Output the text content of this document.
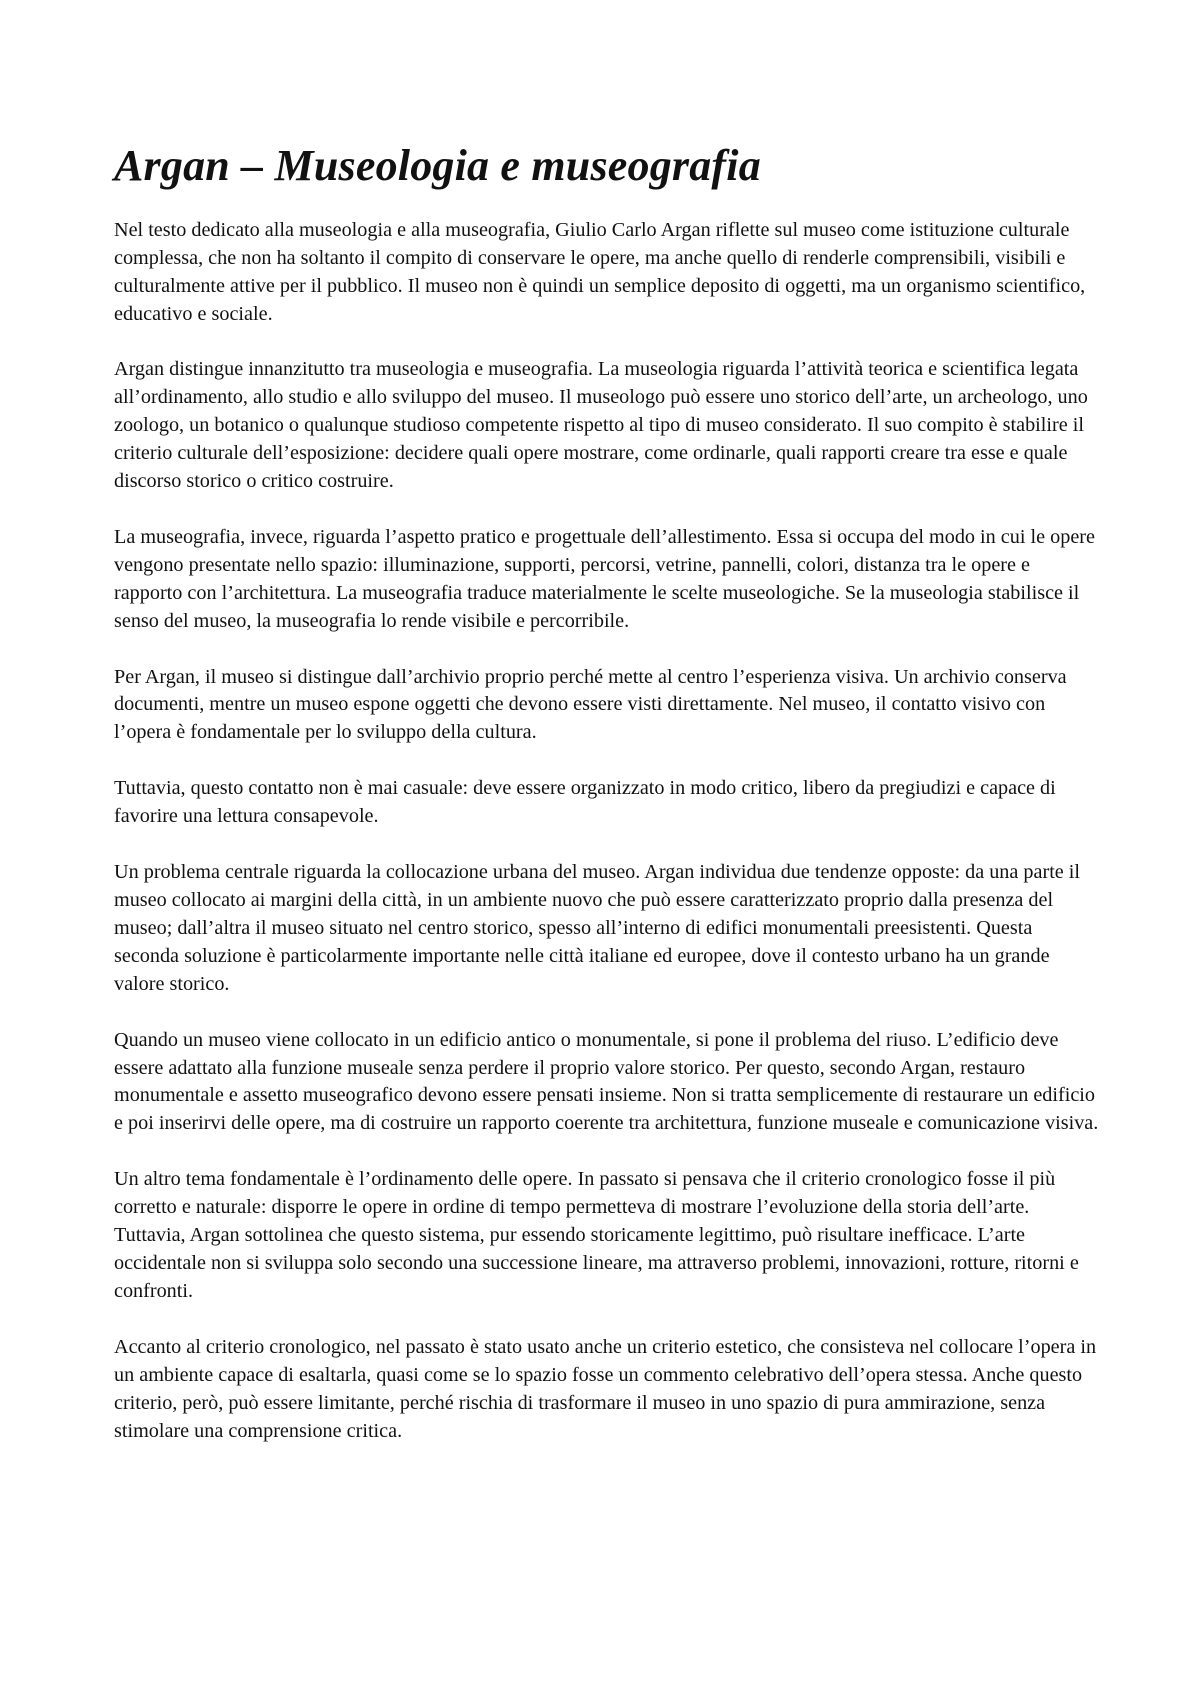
Argan – Museologia e museografia

Nel testo dedicato alla museologia e alla museografia, Giulio Carlo Argan riflette sul museo come istituzione culturale complessa, che non ha soltanto il compito di conservare le opere, ma anche quello di renderle comprensibili, visibili e culturalmente attive per il pubblico. Il museo non è quindi un semplice deposito di oggetti, ma un organismo scientifico, educativo e sociale.

Argan distingue innanzitutto tra museologia e museografia. La museologia riguarda l’attività teorica e scientifica legata all’ordinamento, allo studio e allo sviluppo del museo. Il museologo può essere uno storico dell’arte, un archeologo, uno zoologo, un botanico o qualunque studioso competente rispetto al tipo di museo considerato. Il suo compito è stabilire il criterio culturale dell’esposizione: decidere quali opere mostrare, come ordinarle, quali rapporti creare tra esse e quale discorso storico o critico costruire.

La museografia, invece, riguarda l’aspetto pratico e progettuale dell’allestimento. Essa si occupa del modo in cui le opere vengono presentate nello spazio: illuminazione, supporti, percorsi, vetrine, pannelli, colori, distanza tra le opere e rapporto con l’architettura. La museografia traduce materialmente le scelte museologiche. Se la museologia stabilisce il senso del museo, la museografia lo rende visibile e percorribile.

Per Argan, il museo si distingue dall’archivio proprio perché mette al centro l’esperienza visiva. Un archivio conserva documenti, mentre un museo espone oggetti che devono essere visti direttamente. Nel museo, il contatto visivo con l’opera è fondamentale per lo sviluppo della cultura.

Tuttavia, questo contatto non è mai casuale: deve essere organizzato in modo critico, libero da pregiudizi e capace di favorire una lettura consapevole.

Un problema centrale riguarda la collocazione urbana del museo. Argan individua due tendenze opposte: da una parte il museo collocato ai margini della città, in un ambiente nuovo che può essere caratterizzato proprio dalla presenza del museo; dall’altra il museo situato nel centro storico, spesso all’interno di edifici monumentali preesistenti. Questa seconda soluzione è particolarmente importante nelle città italiane ed europee, dove il contesto urbano ha un grande valore storico.

Quando un museo viene collocato in un edificio antico o monumentale, si pone il problema del riuso. L’edificio deve essere adattato alla funzione museale senza perdere il proprio valore storico. Per questo, secondo Argan, restauro monumentale e assetto museografico devono essere pensati insieme. Non si tratta semplicemente di restaurare un edificio e poi inserirvi delle opere, ma di costruire un rapporto coerente tra architettura, funzione museale e comunicazione visiva.

Un altro tema fondamentale è l’ordinamento delle opere. In passato si pensava che il criterio cronologico fosse il più corretto e naturale: disporre le opere in ordine di tempo permetteva di mostrare l’evoluzione della storia dell’arte. Tuttavia, Argan sottolinea che questo sistema, pur essendo storicamente legittimo, può risultare inefficace. L’arte occidentale non si sviluppa solo secondo una successione lineare, ma attraverso problemi, innovazioni, rotture, ritorni e confronti.

Accanto al criterio cronologico, nel passato è stato usato anche un criterio estetico, che consisteva nel collocare l’opera in un ambiente capace di esaltarla, quasi come se lo spazio fosse un commento celebrativo dell’opera stessa. Anche questo criterio, però, può essere limitante, perché rischia di trasformare il museo in uno spazio di pura ammirazione, senza stimolare una comprensione critica.
